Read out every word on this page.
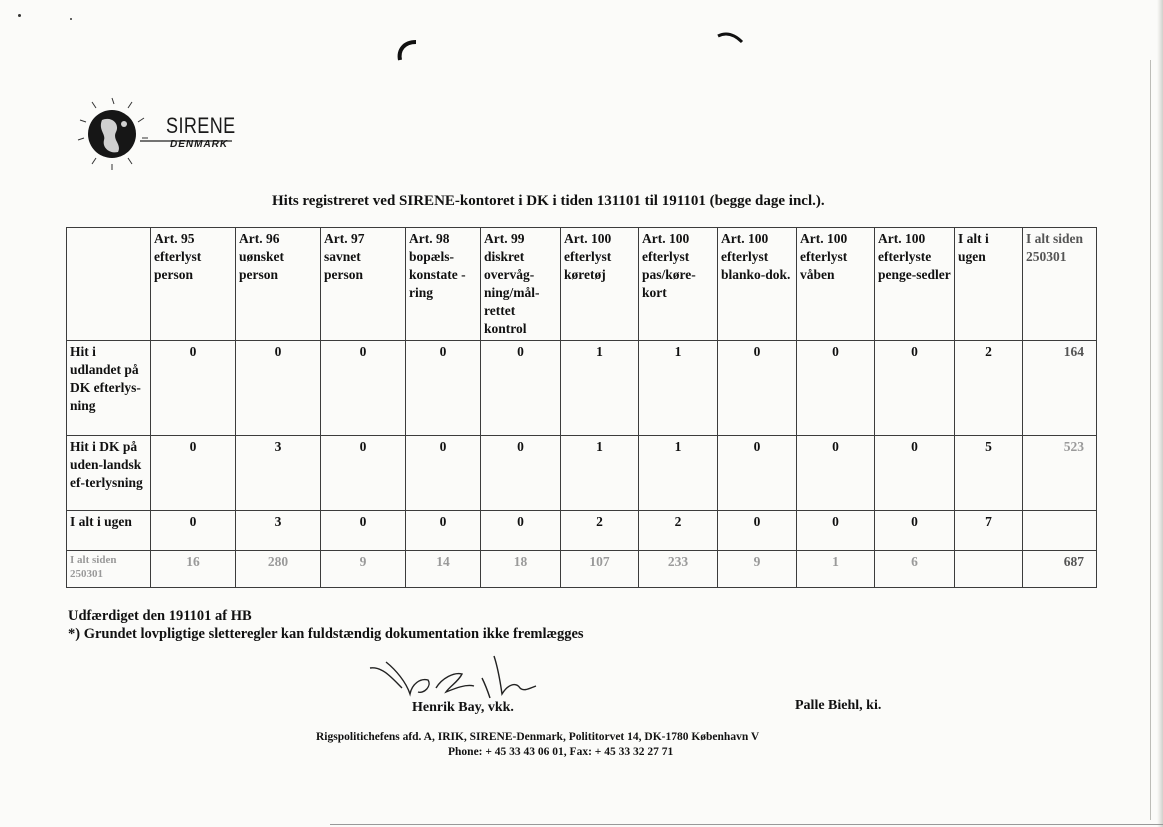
SIRENE
DENMARK
Hits registreret ved SIRENE-kontoret i DK i tiden 131101 til 191101 (begge dage incl.).
	Art. 95 efterlyst person	Art. 96 uønsket person	Art. 97 savnet person	Art. 98 bopæls-konstate -ring	Art. 99 diskret overvåg-ning/mål-rettet kontrol	Art. 100 efterlyst køretøj	Art. 100 efterlyst pas/køre-kort	Art. 100 efterlyst blanko-dok.	Art. 100 efterlyst våben	Art. 100 efterlyste penge-sedler	I alt i ugen	I alt siden 250301
Hit i udlandet på DK efterlys-ning	0	0	0	0	0	1	1	0	0	0	2	164
Hit i DK på uden-landsk ef-terlysning	0	3	0	0	0	1	1	0	0	0	5	523
I alt i ugen	0	3	0	0	0	2	2	0	0	0	7	
I alt siden 250301	16	280	9	14	18	107	233	9	1	6		687
Udfærdiget den 191101 af HB
*) Grundet lovpligtige sletteregler kan fuldstændig dokumentation ikke fremlægges
Henrik Bay, vkk.	Palle Biehl, ki.
Rigspolitichefens afd. A, IRIK, SIRENE-Denmark, Polititorvet 14, DK-1780 København V
Phone: + 45 33 43 06 01, Fax: + 45 33 32 27 71
